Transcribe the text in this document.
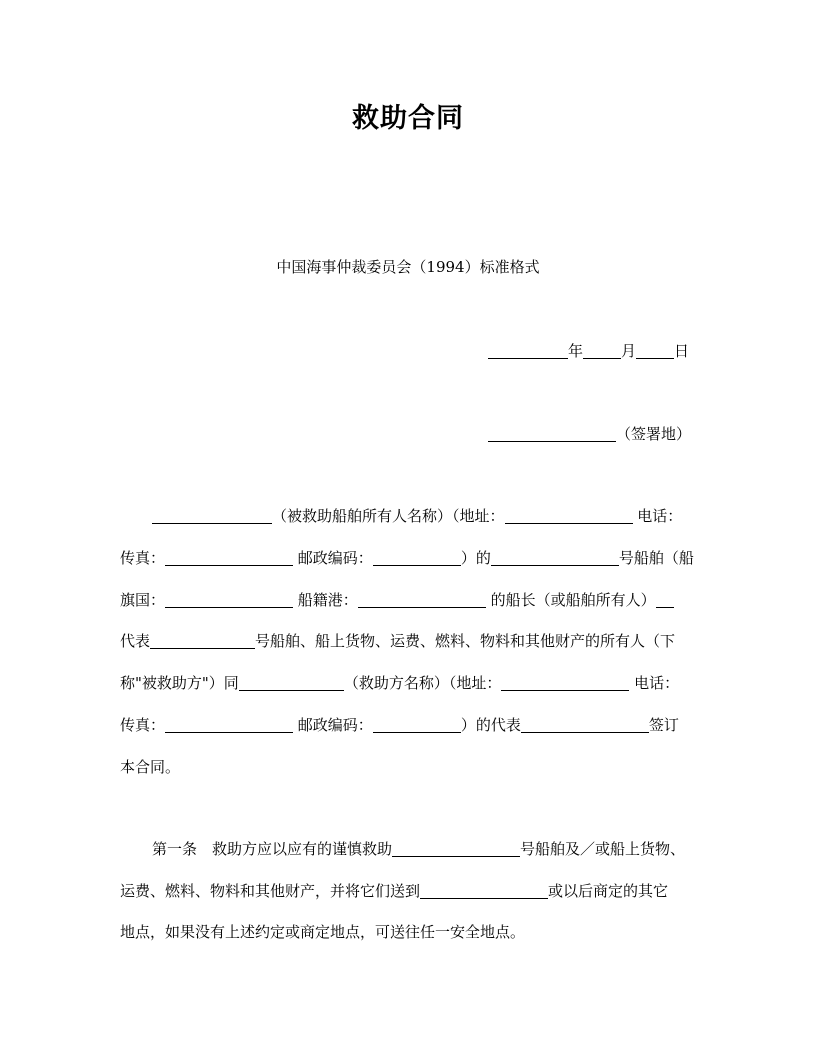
救助合同
中国海事仲裁委员会（1994）标准格式
年	月	日
（签署地）
（被救助船舶所有人名称）（地址：	电话：
传真：	邮政编码：	）的	号船舶（船
旗国：	船籍港：	的船长（或船舶所有人）
代表	号船舶、船上货物、运费、燃料、物料和其他财产的所有人（下
称"被救助方"）同	（救助方名称）（地址：	电话：
传真：	邮政编码：	）的代表	签订
本合同。
第一条　救助方应以应有的谨慎救助	号船舶及／或船上货物、
运费、燃料、物料和其他财产，并将它们送到	或以后商定的其它
地点，如果没有上述约定或商定地点，可送往任一安全地点。
